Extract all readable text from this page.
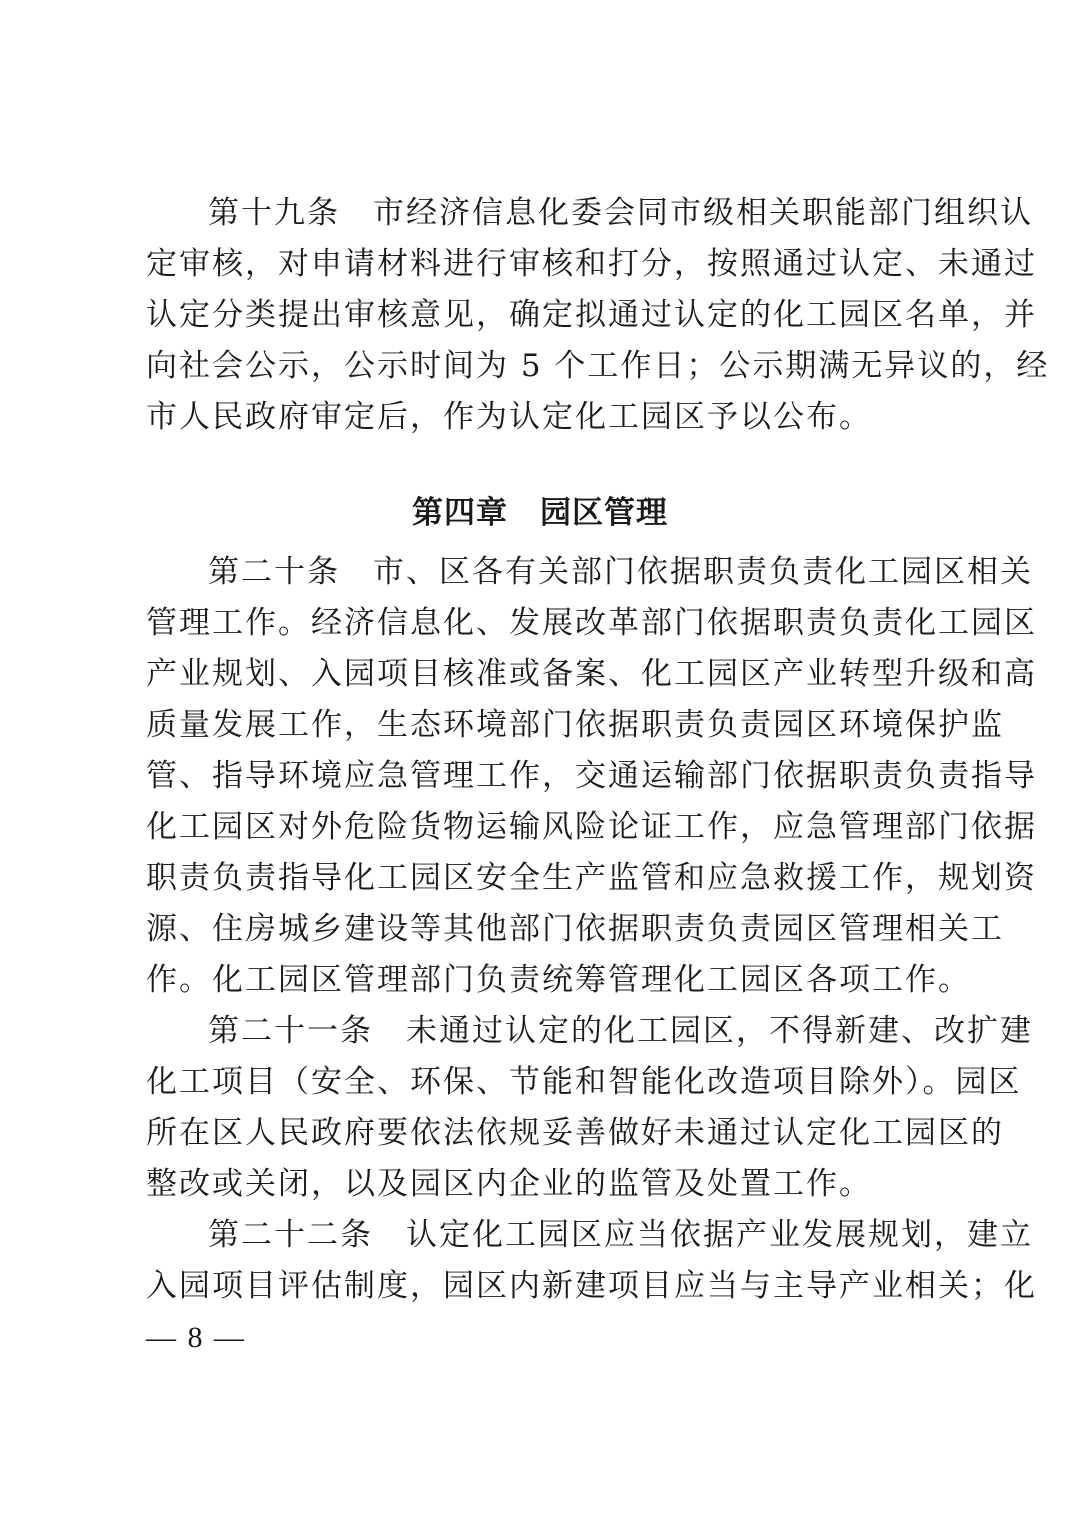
第十九条　市经济信息化委会同市级相关职能部门组织认
定审核，对申请材料进行审核和打分，按照通过认定、未通过
认定分类提出审核意见，确定拟通过认定的化工园区名单，并
向社会公示，公示时间为 5 个工作日；公示期满无异议的，经
市人民政府审定后，作为认定化工园区予以公布。
第四章　园区管理
第二十条　市、区各有关部门依据职责负责化工园区相关
管理工作。经济信息化、发展改革部门依据职责负责化工园区
产业规划、入园项目核准或备案、化工园区产业转型升级和高
质量发展工作，生态环境部门依据职责负责园区环境保护监
管、指导环境应急管理工作，交通运输部门依据职责负责指导
化工园区对外危险货物运输风险论证工作，应急管理部门依据
职责负责指导化工园区安全生产监管和应急救援工作，规划资
源、住房城乡建设等其他部门依据职责负责园区管理相关工
作。化工园区管理部门负责统筹管理化工园区各项工作。
第二十一条　未通过认定的化工园区，不得新建、改扩建
化工项目（安全、环保、节能和智能化改造项目除外）。园区
所在区人民政府要依法依规妥善做好未通过认定化工园区的
整改或关闭，以及园区内企业的监管及处置工作。
第二十二条　认定化工园区应当依据产业发展规划，建立
入园项目评估制度，园区内新建项目应当与主导产业相关；化
— 8 —
